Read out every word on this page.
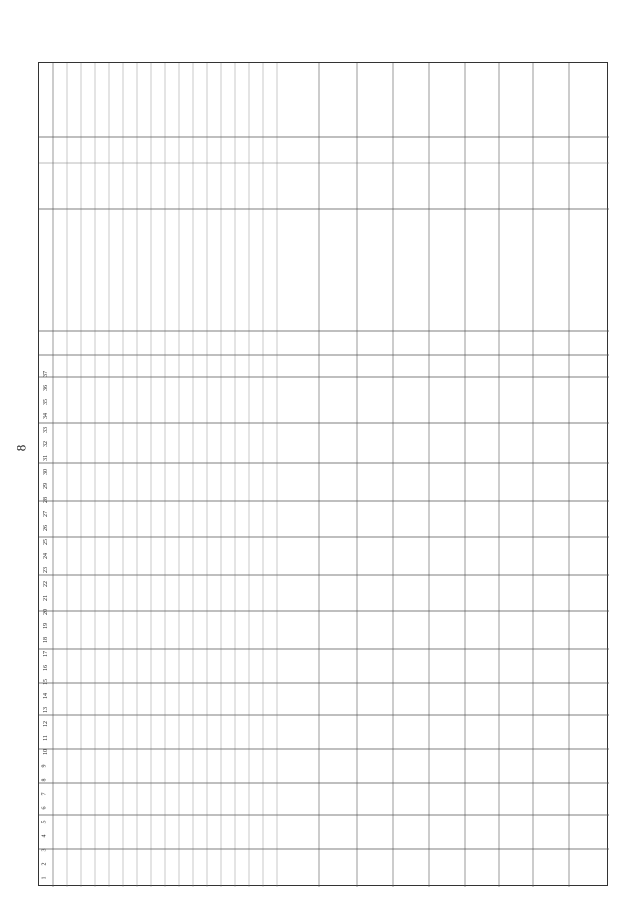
8
1
2
3
4
5
6
7
8
9
10
11
12
13
14
15
16
17
18
19
20
21
22
23
24
25
26
27
28
29
30
31
32
33
34
35
36
37
